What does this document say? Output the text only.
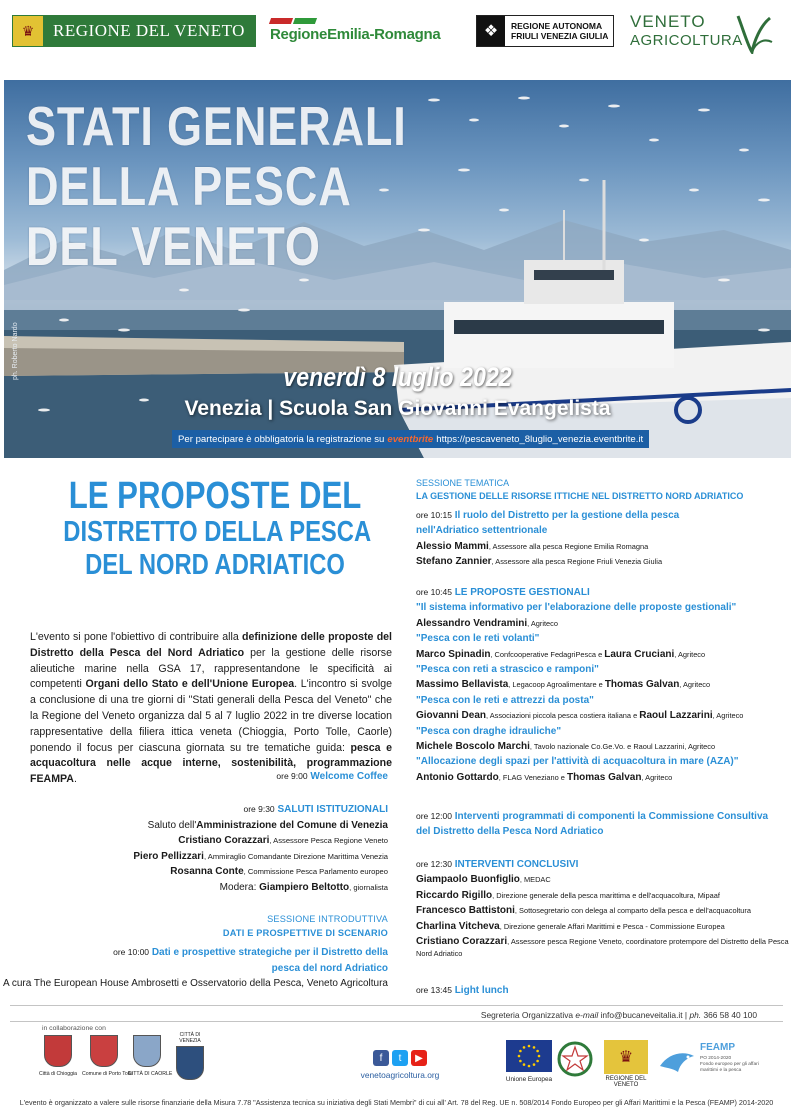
♛	REGIONE DEL VENETO	RegioneEmilia-Romagna	❖	REGIONE AUTONOMA
FRIULI VENEZIA GIULIA
VENETO
AGRICOLTURA
STATI GENERALI
DELLA PESCA
DEL VENETO
venerdì 8 luglio 2022
Venezia | Scuola San Giovanni Evangelista
Per partecipare è obbligatoria la registrazione su eventbrite https://pescaveneto_8luglio_venezia.eventbrite.it
ph. Roberto Nardo
LE PROPOSTE DEL
DISTRETTO DELLA PESCA
DEL NORD ADRIATICO
L'evento si pone l'obiettivo di contribuire alla definizione delle proposte del Distretto della Pesca del Nord Adriatico per la gestione delle risorse alieutiche marine nella GSA 17, rappresentandone le specificità ai competenti Organi dello Stato e dell'Unione Europea. L'incontro si svolge a conclusione di una tre giorni di "Stati generali della Pesca del Veneto" che la Regione del Veneto organizza dal 5 al 7 luglio 2022 in tre diverse location rappresentative della filiera ittica veneta (Chioggia, Porto Tolle, Caorle) ponendo il focus per ciascuna giornata su tre tematiche guida: pesca e acquacoltura nelle acque interne, sostenibilità, programmazione FEAMPA.	ore 9:00 Welcome Coffee
ore 9:30 SALUTI ISTITUZIONALI
Saluto dell'Amministrazione del Comune di Venezia
Cristiano Corazzari, Assessore Pesca Regione Veneto
Piero Pellizzari, Ammiraglio Comandante Direzione Marittima Venezia
Rosanna Conte, Commissione Pesca Parlamento europeo
Modera: Giampiero Beltotto, giornalista
SESSIONE INTRODUTTIVA
DATI E PROSPETTIVE DI SCENARIO
ore 10:00 Dati e prospettive strategiche per il Distretto della
pesca del nord Adriatico
A cura The European House Ambrosetti e Osservatorio della Pesca, Veneto Agricoltura
SESSIONE TEMATICA
LA GESTIONE DELLE RISORSE ITTICHE NEL DISTRETTO NORD ADRIATICO
ore 10:15 Il ruolo del Distretto per la gestione della pesca
nell'Adriatico settentrionale
Alessio Mammi, Assessore alla pesca Regione Emilia Romagna
Stefano Zannier, Assessore alla pesca Regione Friuli Venezia Giulia
ore 10:45 LE PROPOSTE GESTIONALI
"Il sistema informativo per l'elaborazione delle proposte gestionali"
Alessandro Vendramini, Agriteco
"Pesca con le reti volanti"
Marco Spinadin, Confcooperative FedagriPesca e Laura Cruciani, Agriteco
"Pesca con reti a strascico e ramponi"
Massimo Bellavista, Legacoop Agroalimentare e Thomas Galvan, Agriteco
"Pesca con le reti e attrezzi da posta"
Giovanni Dean, Associazioni piccola pesca costiera italiana e Raoul Lazzarini, Agriteco
"Pesca con draghe idrauliche"
Michele Boscolo Marchi, Tavolo nazionale Co.Ge.Vo. e Raoul Lazzarini, Agriteco
"Allocazione degli spazi per l'attività di acquacoltura in mare (AZA)"
Antonio Gottardo, FLAG Veneziano e Thomas Galvan, Agriteco
ore 12:00 Interventi programmati di componenti la Commissione Consultiva
del Distretto della Pesca Nord Adriatico
ore 12:30 INTERVENTI CONCLUSIVI
Giampaolo Buonfiglio, MEDAC
Riccardo Rigillo, Direzione generale della pesca marittima e dell'acquacoltura, Mipaaf
Francesco Battistoni, Sottosegretario con delega al comparto della pesca e dell'acquacoltura
Charlina Vitcheva, Direzione generale Affari Marittimi e Pesca - Commissione Europea
Cristiano Corazzari, Assessore pesca Regione Veneto, coordinatore protempore del Distretto della Pesca
Nord Adriatico
ore 13:45 Light lunch
Segreteria Organizzativa e-mail info@bucaneveitalia.it | ph. 366 58 40 100
in collaborazione con
Città di Chioggia Comune di Porto Tolle
CITTÀ DI CAORLE
CITTÀ DI VENEZIA
f	t	▶
venetoagricoltura.org	Unione Europea
♛
REGIONE DEL VENETO
FEAMP
PO 2014-2020
Fondo europeo per gli affari marittimi e la pesca
L'evento è organizzato a valere sulle risorse finanziarie della Misura 7.78 "Assistenza tecnica su iniziativa degli Stati Membri" di cui all' Art. 78 del Reg. UE n. 508/2014 Fondo Europeo per gli Affari Marittimi e la Pesca (FEAMP) 2014-2020
